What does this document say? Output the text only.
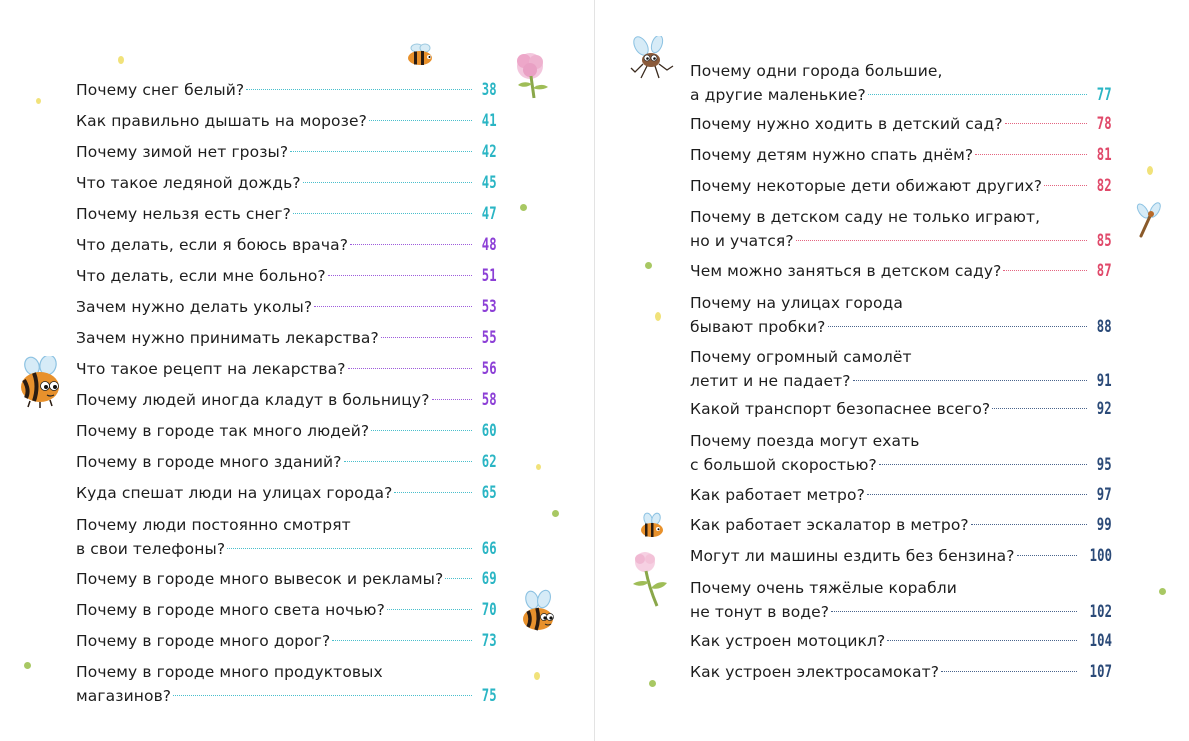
Почему снег белый?	38
Как правильно дышать на морозе?	41
Почему зимой нет грозы?	42
Что такое ледяной дождь?	45
Почему нельзя есть снег?	47
Что делать, если я боюсь врача?	48
Что делать, если мне больно?	51
Зачем нужно делать уколы?	53
Зачем нужно принимать лекарства?	55
Что такое рецепт на лекарства?	56
Почему людей иногда кладут в больницу?	58
Почему в городе так много людей?	60
Почему в городе много зданий?	62
Куда спешат люди на улицах города?	65
Почему люди постоянно смотрят
в свои телефоны?	66
Почему в городе много вывесок и рекламы? 69
Почему в городе много света ночью?	70
Почему в городе много дорог?	73
Почему в городе много продуктовых
магазинов?	75
Почему одни города большие,
а другие маленькие?	77
Почему нужно ходить в детский сад?	78
Почему детям нужно спать днём?	81
Почему некоторые дети обижают других?	82
Почему в детском саду не только играют,
но и учатся?	85
Чем можно заняться в детском саду?	87
Почему на улицах города
бывают пробки?	88
Почему огромный самолёт
летит и не падает?	91
Какой транспорт безопаснее всего?	92
Почему поезда могут ехать
с большой скоростью?	95
Как работает метро?	97
Как работает эскалатор в метро?	99
Могут ли машины ездить без бензина?	100
Почему очень тяжёлые корабли
не тонут в воде?	102
Как устроен мотоцикл?	104
Как устроен электросамокат?	107
